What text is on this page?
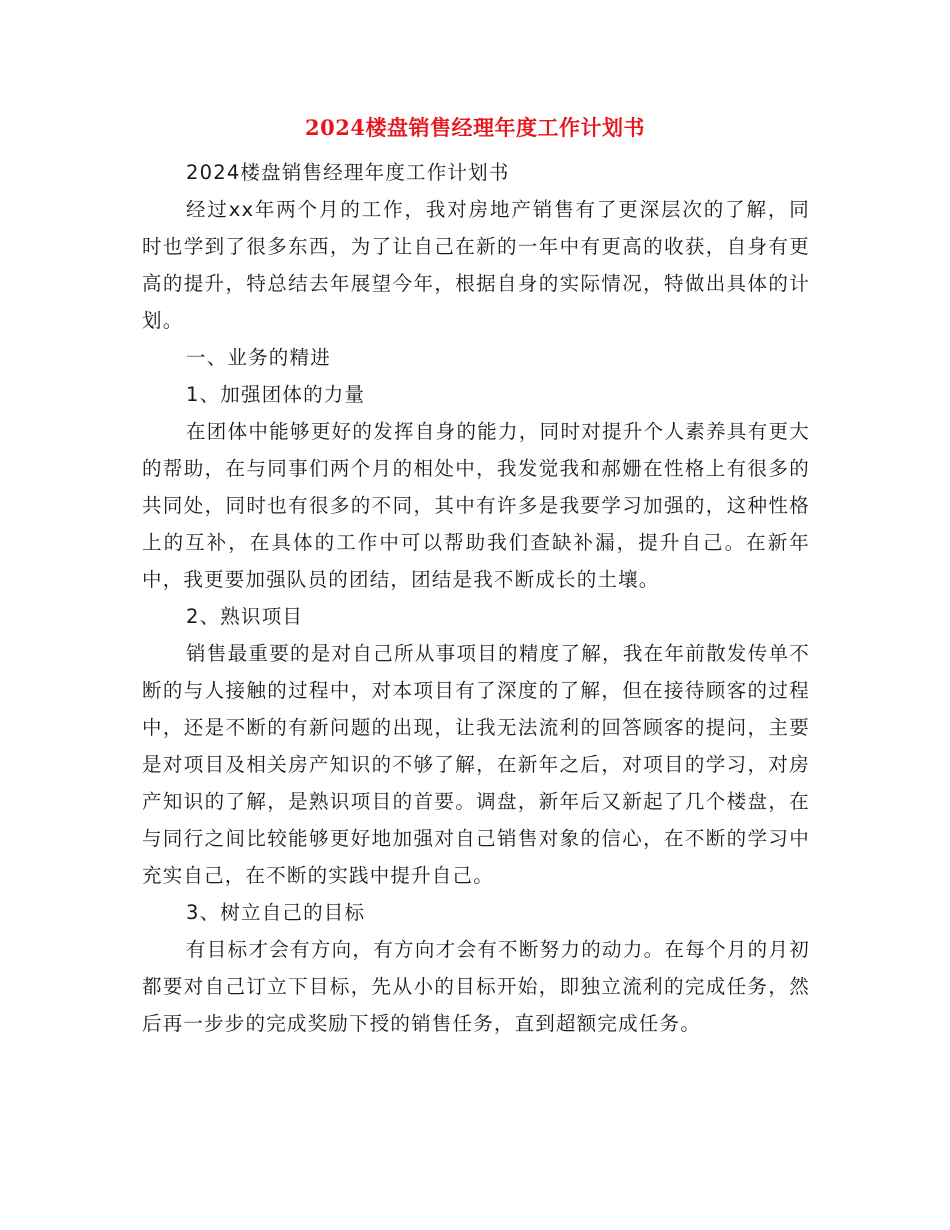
2024楼盘销售经理年度工作计划书

2024楼盘销售经理年度工作计划书

经过xx年两个月的工作，我对房地产销售有了更深层次的了解，同时也学到了很多东西，为了让自己在新的一年中有更高的收获，自身有更高的提升，特总结去年展望今年，根据自身的实际情况，特做出具体的计划。

一、业务的精进

1、加强团体的力量

在团体中能够更好的发挥自身的能力，同时对提升个人素养具有更大的帮助，在与同事们两个月的相处中，我发觉我和郝姗在性格上有很多的共同处，同时也有很多的不同，其中有许多是我要学习加强的，这种性格上的互补，在具体的工作中可以帮助我们查缺补漏，提升自己。在新年中，我更要加强队员的团结，团结是我不断成长的土壤。

2、熟识项目

销售最重要的是对自己所从事项目的精度了解，我在年前散发传单不断的与人接触的过程中，对本项目有了深度的了解，但在接待顾客的过程中，还是不断的有新问题的出现，让我无法流利的回答顾客的提问，主要是对项目及相关房产知识的不够了解，在新年之后，对项目的学习，对房产知识的了解，是熟识项目的首要。调盘，新年后又新起了几个楼盘，在与同行之间比较能够更好地加强对自己销售对象的信心，在不断的学习中充实自己，在不断的实践中提升自己。

3、树立自己的目标

有目标才会有方向，有方向才会有不断努力的动力。在每个月的月初都要对自己订立下目标，先从小的目标开始，即独立流利的完成任务，然后再一步步的完成奖励下授的销售任务，直到超额完成任务。
